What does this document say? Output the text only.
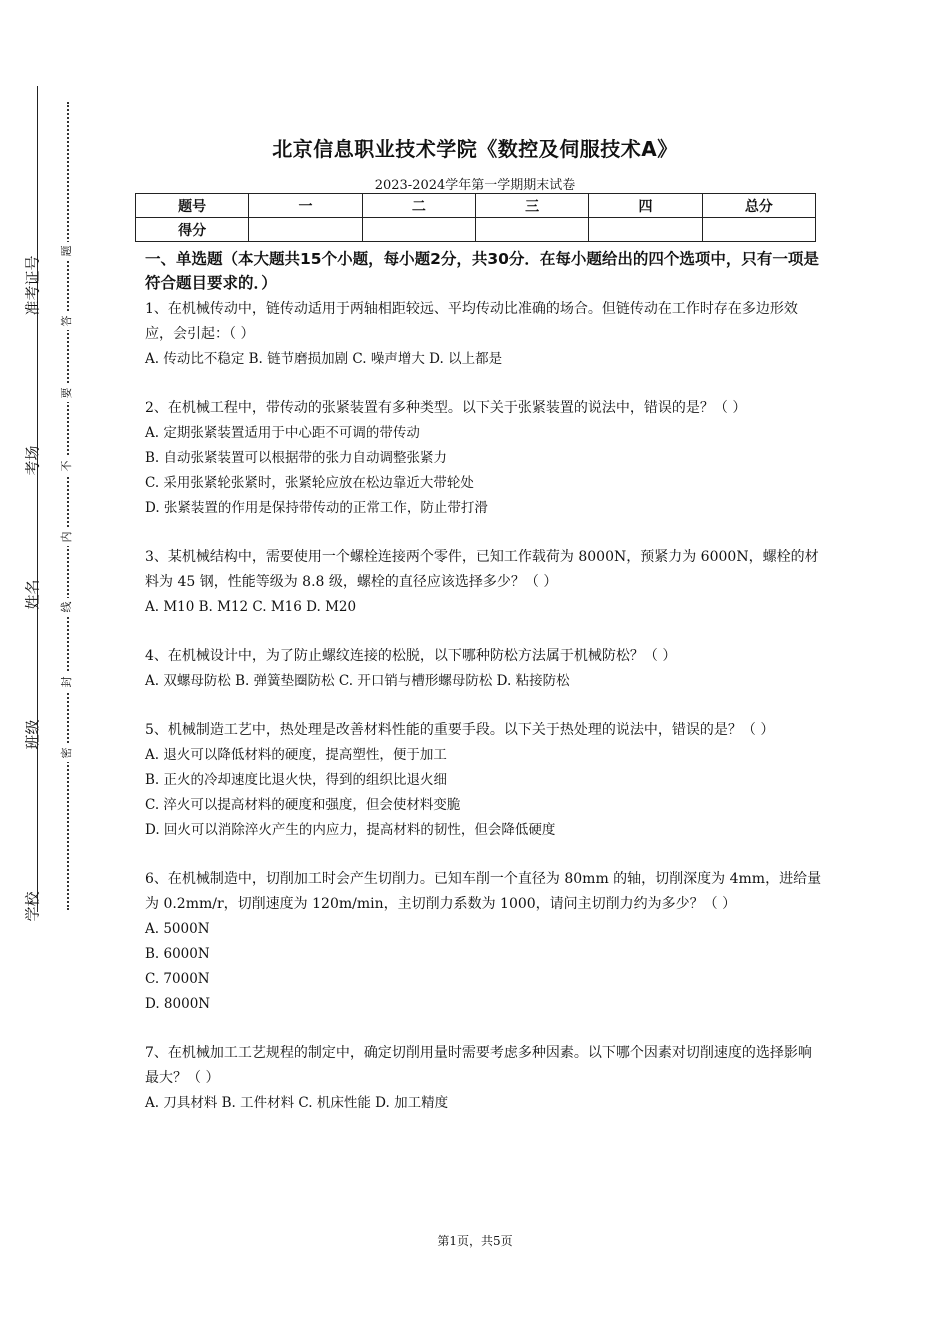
准考证号
考场
姓名
班级
学校
题
答
要
不
内
线
封
密
北京信息职业技术学院《数控及伺服技术A》
2023-2024学年第一学期期末试卷
题号	一	二	三	四	总分
得分					
一、单选题（本大题共15个小题，每小题2分，共30分．在每小题给出的四个选项中，只有一项是符合题目要求的．）

1、在机械传动中，链传动适用于两轴相距较远、平均传动比准确的场合。但链传动在工作时存在多边形效应，会引起：（ ）

A. 传动比不稳定 B. 链节磨损加剧 C. 噪声增大 D. 以上都是

2、在机械工程中，带传动的张紧装置有多种类型。以下关于张紧装置的说法中，错误的是？（ ）

A. 定期张紧装置适用于中心距不可调的带传动

B. 自动张紧装置可以根据带的张力自动调整张紧力

C. 采用张紧轮张紧时，张紧轮应放在松边靠近大带轮处

D. 张紧装置的作用是保持带传动的正常工作，防止带打滑

3、某机械结构中，需要使用一个螺栓连接两个零件，已知工作载荷为 8000N，预紧力为 6000N，螺栓的材料为 45 钢，性能等级为 8.8 级，螺栓的直径应该选择多少？（ ）

A. M10 B. M12 C. M16 D. M20

4、在机械设计中，为了防止螺纹连接的松脱，以下哪种防松方法属于机械防松？（ ）

A. 双螺母防松 B. 弹簧垫圈防松 C. 开口销与槽形螺母防松 D. 粘接防松

5、机械制造工艺中，热处理是改善材料性能的重要手段。以下关于热处理的说法中，错误的是？（ ）

A. 退火可以降低材料的硬度，提高塑性，便于加工

B. 正火的冷却速度比退火快，得到的组织比退火细

C. 淬火可以提高材料的硬度和强度，但会使材料变脆

D. 回火可以消除淬火产生的内应力，提高材料的韧性，但会降低硬度

6、在机械制造中，切削加工时会产生切削力。已知车削一个直径为 80mm 的轴，切削深度为 4mm，进给量为 0.2mm/r，切削速度为 120m/min，主切削力系数为 1000，请问主切削力约为多少？（ ）

A. 5000N

B. 6000N

C. 7000N

D. 8000N

7、在机械加工工艺规程的制定中，确定切削用量时需要考虑多种因素。以下哪个因素对切削速度的选择影响最大？（ ）

A. 刀具材料 B. 工件材料 C. 机床性能 D. 加工精度

第1页，共5页
